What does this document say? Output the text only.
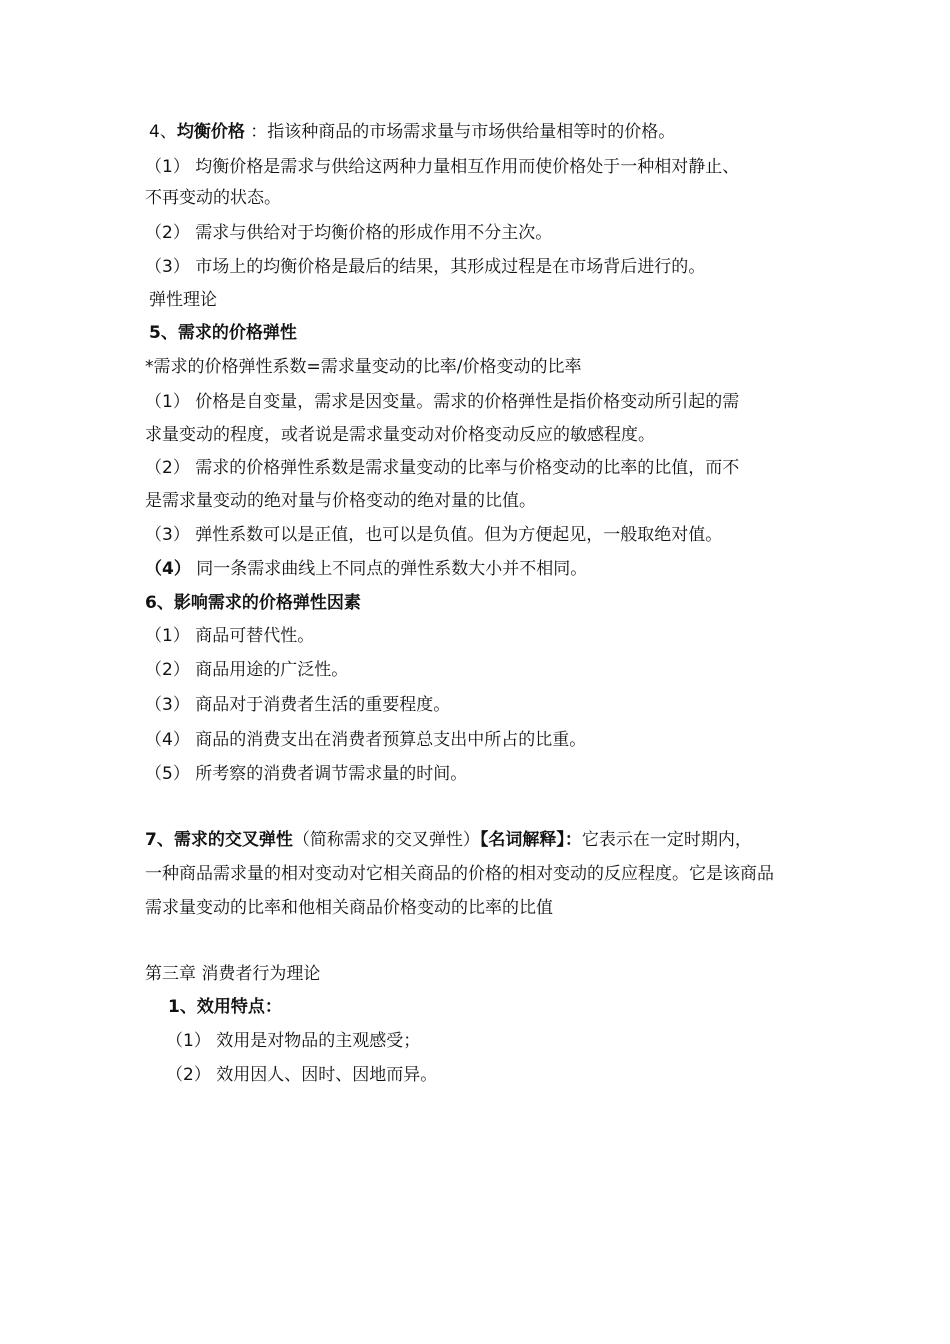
4、均衡价格 ：指该种商品的市场需求量与市场供给量相等时的价格。
（1） 均衡价格是需求与供给这两种力量相互作用而使价格处于一种相对静止、
不再变动的状态。
（2） 需求与供给对于均衡价格的形成作用不分主次。
（3） 市场上的均衡价格是最后的结果，其形成过程是在市场背后进行的。
弹性理论
5、需求的价格弹性
*需求的价格弹性系数=需求量变动的比率/价格变动的比率
（1） 价格是自变量，需求是因变量。需求的价格弹性是指价格变动所引起的需
求量变动的程度，或者说是需求量变动对价格变动反应的敏感程度。
（2） 需求的价格弹性系数是需求量变动的比率与价格变动的比率的比值，而不
是需求量变动的绝对量与价格变动的绝对量的比值。
（3） 弹性系数可以是正值，也可以是负值。但为方便起见，一般取绝对值。
（4） 同一条需求曲线上不同点的弹性系数大小并不相同。
6、影响需求的价格弹性因素
（1） 商品可替代性。
（2） 商品用途的广泛性。
（3） 商品对于消费者生活的重要程度。
（4） 商品的消费支出在消费者预算总支出中所占的比重。
（5） 所考察的消费者调节需求量的时间。
7、需求的交叉弹性（简称需求的交叉弹性）【名词解释】：它表示在一定时期内，
一种商品需求量的相对变动对它相关商品的价格的相对变动的反应程度。它是该商品
需求量变动的比率和他相关商品价格变动的比率的比值
第三章 消费者行为理论
1、效用特点：
（1） 效用是对物品的主观感受；
（2） 效用因人、因时、因地而异。
